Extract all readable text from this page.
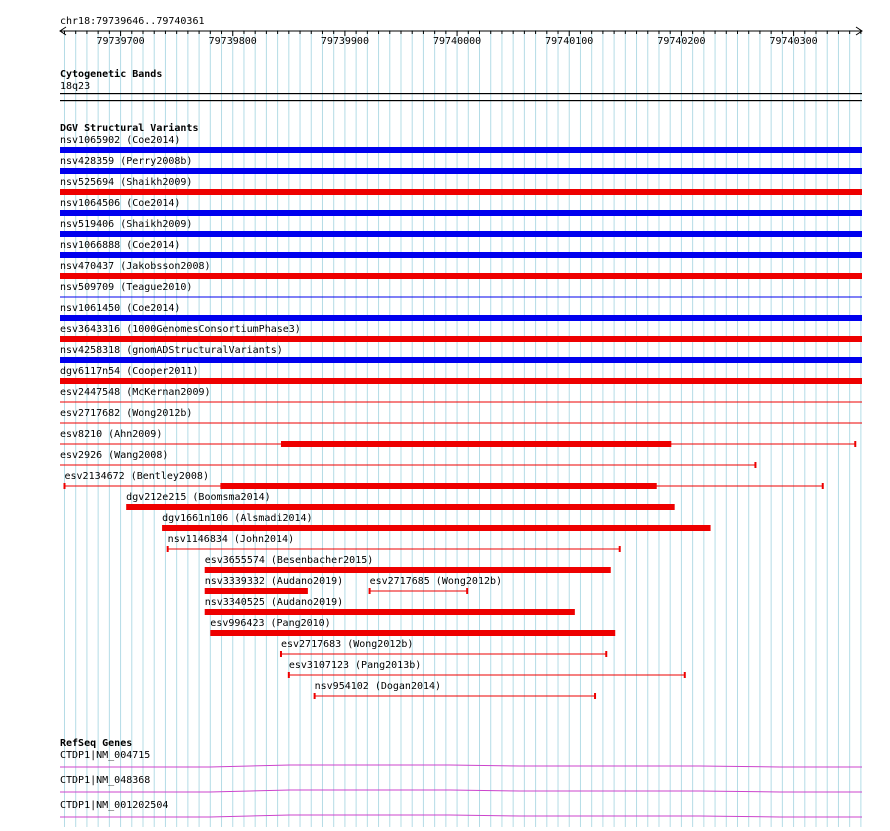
chr18:79739646..79740361
79739700	79739800	79739900	79740000	79740100	79740200	79740300
Cytogenetic Bands
18q23
DGV Structural Variants
nsv1065902 (Coe2014)
nsv428359 (Perry2008b)
nsv525694 (Shaikh2009)
nsv1064506 (Coe2014)
nsv519406 (Shaikh2009)
nsv1066888 (Coe2014)
nsv470437 (Jakobsson2008)
nsv509709 (Teague2010)
nsv1061450 (Coe2014)
esv3643316 (1000GenomesConsortiumPhase3)
nsv4258318 (gnomADStructuralVariants)
dgv6117n54 (Cooper2011)
esv2447548 (McKernan2009)
esv2717682 (Wong2012b)
esv8210 (Ahn2009)
esv2926 (Wang2008)
esv2134672 (Bentley2008)
dgv212e215 (Boomsma2014)
dgv1661n106 (Alsmadi2014)
nsv1146834 (John2014)
esv3655574 (Besenbacher2015)
nsv3339332 (Audano2019)	esv2717685 (Wong2012b)
nsv3340525 (Audano2019)
esv996423 (Pang2010)
esv2717683 (Wong2012b)
esv3107123 (Pang2013b)
nsv954102 (Dogan2014)
RefSeq Genes
CTDP1|NM_004715
CTDP1|NM_048368
CTDP1|NM_001202504
